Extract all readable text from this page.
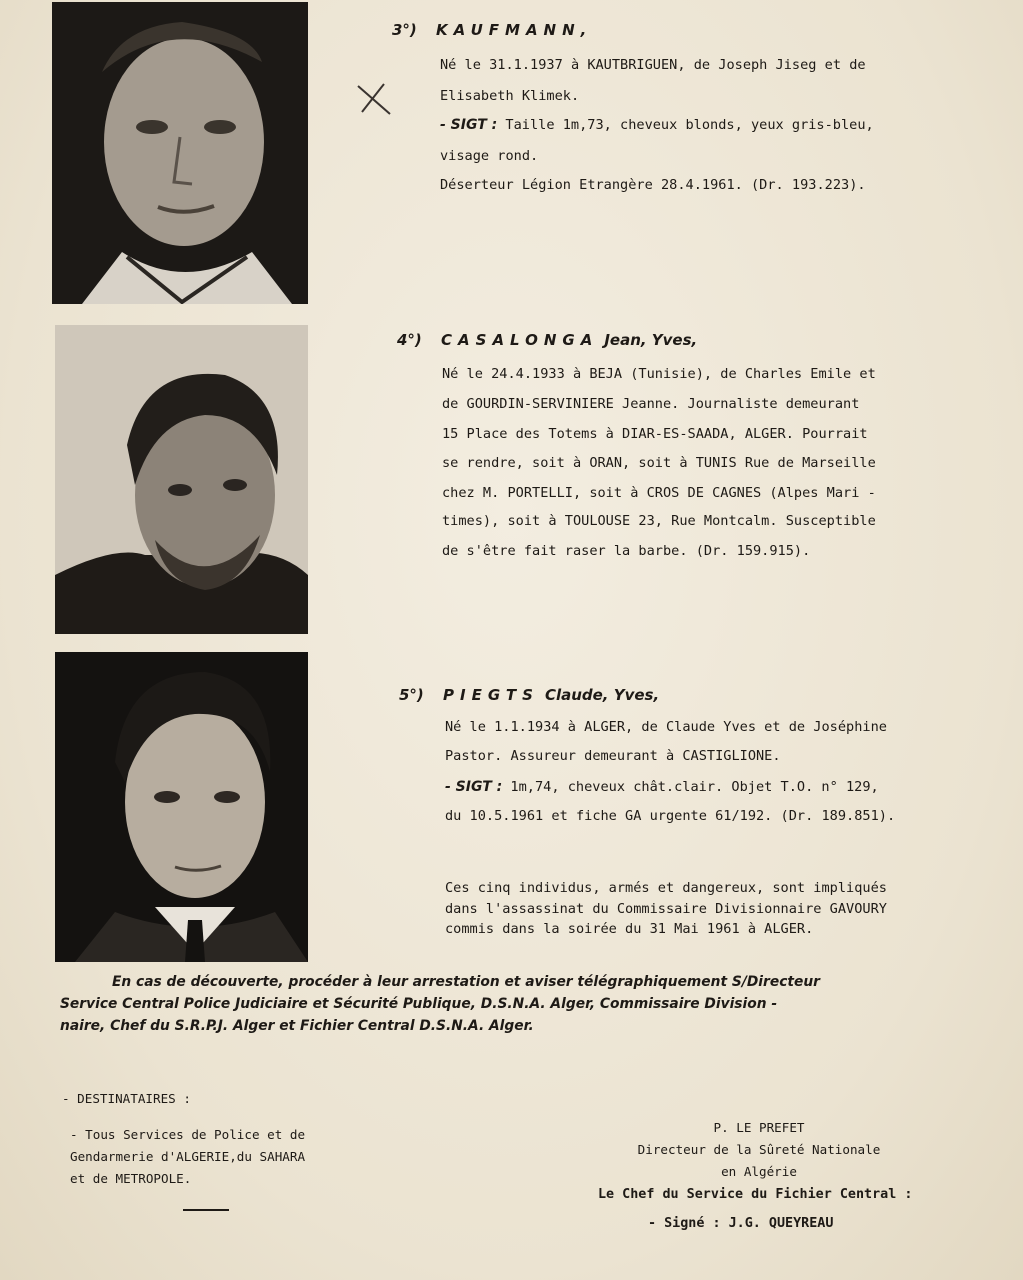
3°) KAUFMANN,
Né le 31.1.1937 à KAUTBRIGUEN, de Joseph Jiseg et de
Elisabeth Klimek.
- SIGT : Taille 1m,73, cheveux blonds, yeux gris-bleu,
visage rond.
Déserteur Légion Etrangère 28.4.1961. (Dr. 193.223).
4°) CASALONGA Jean, Yves,
Né le 24.4.1933 à BEJA (Tunisie), de Charles Emile et
de GOURDIN-SERVINIERE Jeanne. Journaliste demeurant
15 Place des Totems à DIAR-ES-SAADA, ALGER. Pourrait
se rendre, soit à ORAN, soit à TUNIS Rue de Marseille
chez M. PORTELLI, soit à CROS DE CAGNES (Alpes Mari -
times), soit à TOULOUSE 23, Rue Montcalm. Susceptible
de s'être fait raser la barbe. (Dr. 159.915).
5°) PIEGTS Claude, Yves,
Né le 1.1.1934 à ALGER, de Claude Yves et de Joséphine
Pastor. Assureur demeurant à CASTIGLIONE.
- SIGT : 1m,74, cheveux chât.clair. Objet T.O. n° 129,
du 10.5.1961 et fiche GA urgente 61/192. (Dr. 189.851).
Ces cinq individus, armés et dangereux, sont impliqués
dans l'assassinat du Commissaire Divisionnaire GAVOURY
commis dans la soirée du 31 Mai 1961 à ALGER.
En cas de découverte, procéder à leur arrestation et aviser télégraphiquement S/Directeur
Service Central Police Judiciaire et Sécurité Publique, D.S.N.A. Alger, Commissaire Division -
naire, Chef du S.R.P.J. Alger et Fichier Central D.S.N.A. Alger.
- DESTINATAIRES :
- Tous Services de Police et de
Gendarmerie d'ALGERIE,du SAHARA
et de METROPOLE.
P. LE PREFET
Directeur de la Sûreté Nationale
en Algérie
Le Chef du Service du Fichier Central :
- Signé : J.G. QUEYREAU
